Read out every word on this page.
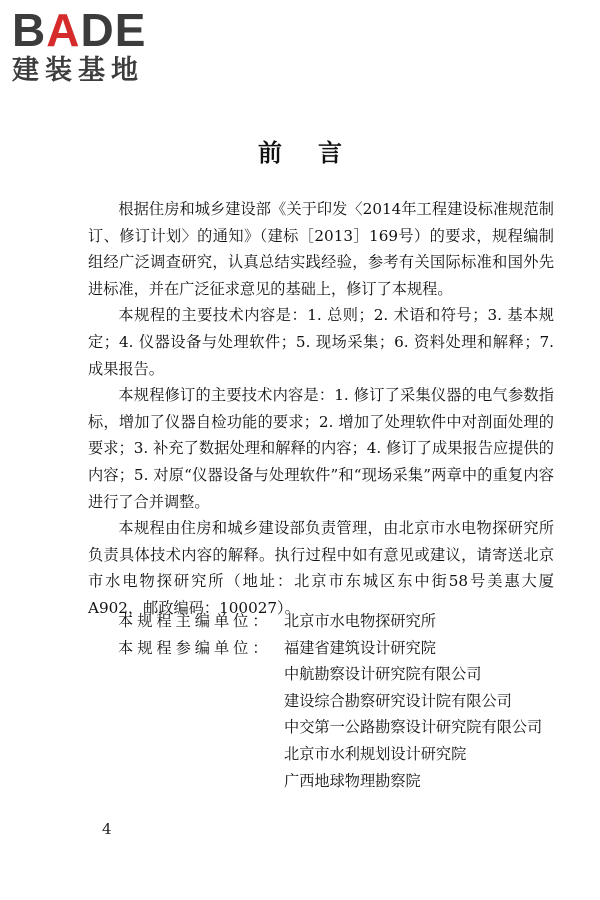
BADE
建装基地
前言

根据住房和城乡建设部《关于印发〈2014年工程建设标准规范制订、修订计划〉的通知》（建标［2013］169号）的要求，规程编制组经广泛调查研究，认真总结实践经验，参考有关国际标准和国外先进标准，并在广泛征求意见的基础上，修订了本规程。

本规程的主要技术内容是：1. 总则；2. 术语和符号；3. 基本规定；4. 仪器设备与处理软件；5. 现场采集；6. 资料处理和解释；7. 成果报告。

本规程修订的主要技术内容是：1. 修订了采集仪器的电气参数指标，增加了仪器自检功能的要求；2. 增加了处理软件中对剖面处理的要求；3. 补充了数据处理和解释的内容；4. 修订了成果报告应提供的内容；5. 对原“仪器设备与处理软件”和“现场采集”两章中的重复内容进行了合并调整。

本规程由住房和城乡建设部负责管理，由北京市水电物探研究所负责具体技术内容的解释。执行过程中如有意见或建议，请寄送北京市水电物探研究所（地址：北京市东城区东中街58号美惠大厦A902，邮政编码：100027）。

本规程主编单位： 北京市水电物探研究所
本规程参编单位： 福建省建筑设计研究院
中航勘察设计研究院有限公司
建设综合勘察研究设计院有限公司
中交第一公路勘察设计研究院有限公司
北京市水利规划设计研究院
广西地球物理勘察院
4
